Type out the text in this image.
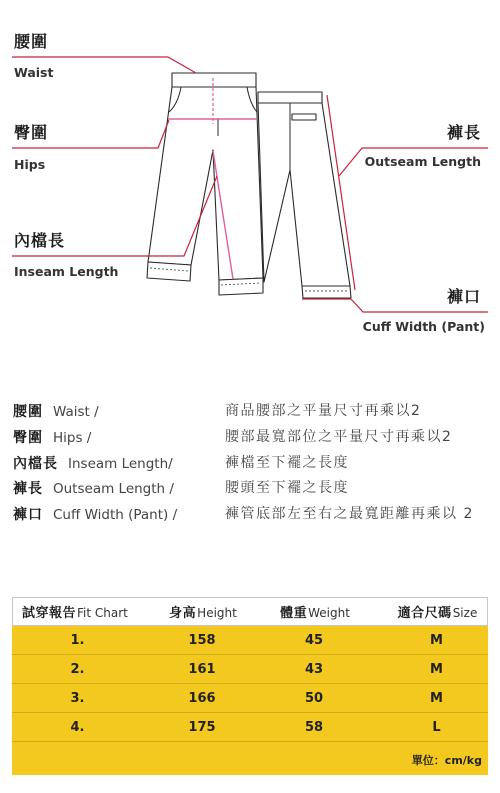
腰圍
Waist
臀圍
Hips
內檔長
Inseam Length
褲長
Outseam Length
褲口
Cuff Width (Pant)
腰圍 Waist /	商品腰部之平量尺寸再乘以2
臀圍 Hips /	腰部最寬部位之平量尺寸再乘以2
內檔長 Inseam Length/	褲檔至下襬之長度
褲長 Outseam Length /	腰頭至下襬之長度
褲口 Cuff Width (Pant) /	褲管底部左至右之最寬距離再乘以 2
試穿報告Fit Chart	身高Height	體重Weight	適合尺碼Size
1.	158	45	M
2.	161	43	M
3.	166	50	M
4.	175	58	L
單位：cm/kg
